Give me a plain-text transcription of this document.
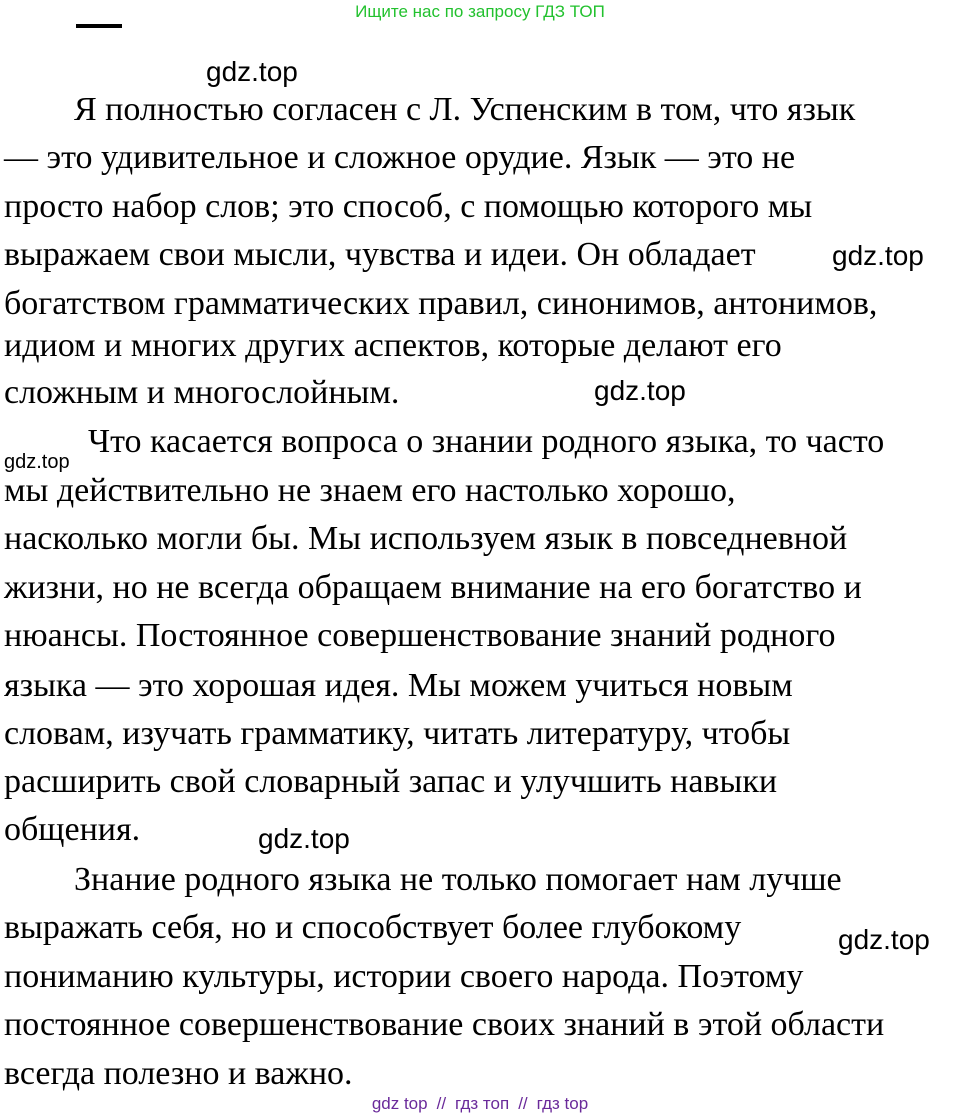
Ищите нас по запросу ГДЗ ТОП
gdz.top
gdz.top
gdz.top
gdz.top
gdz.top
gdz.top
Я полностью согласен с Л. Успенским в том, что язык
— это удивительное и сложное орудие. Язык — это не
просто набор слов; это способ, с помощью которого мы
выражаем свои мысли, чувства и идеи. Он обладает
богатством грамматических правил, синонимов, антонимов,
идиом и многих других аспектов, которые делают его
сложным и многослойным.
Что касается вопроса о знании родного языка, то часто
мы действительно не знаем его настолько хорошо,
насколько могли бы. Мы используем язык в повседневной
жизни, но не всегда обращаем внимание на его богатство и
нюансы. Постоянное совершенствование знаний родного
языка — это хорошая идея. Мы можем учиться новым
словам, изучать грамматику, читать литературу, чтобы
расширить свой словарный запас и улучшить навыки
общения.
Знание родного языка не только помогает нам лучше
выражать себя, но и способствует более глубокому
пониманию культуры, истории своего народа. Поэтому
постоянное совершенствование своих знаний в этой области
всегда полезно и важно.
gdz top // гдз топ // гдз top
